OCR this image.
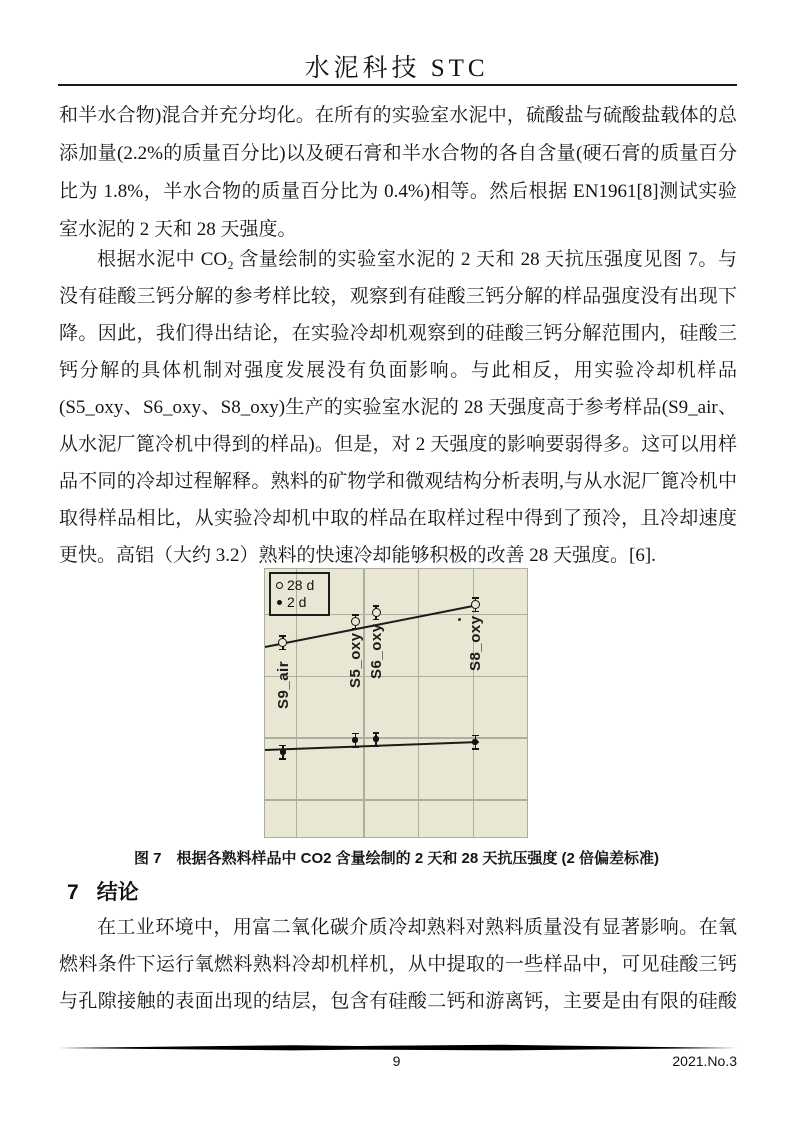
水泥科技 STC
和半水合物)混合并充分均化。在所有的实验室水泥中，硫酸盐与硫酸盐载体的总
添加量(2.2%的质量百分比)以及硬石膏和半水合物的各自含量(硬石膏的质量百分
比为 1.8%，半水合物的质量百分比为 0.4%)相等。然后根据 EN1961[8]测试实验
室水泥的 2 天和 28 天强度。
根据水泥中 CO₂ 含量绘制的实验室水泥的 2 天和 28 天抗压强度见图 7。与
没有硅酸三钙分解的参考样比较，观察到有硅酸三钙分解的样品强度没有出现下
降。因此，我们得出结论，在实验冷却机观察到的硅酸三钙分解范围内，硅酸三
钙分解的具体机制对强度发展没有负面影响。与此相反，用实验冷却机样品
(S5_oxy、S6_oxy、S8_oxy)生产的实验室水泥的 28 天强度高于参考样品(S9_air、
从水泥厂篦冷机中得到的样品)。但是，对 2 天强度的影响要弱得多。这可以用样
品不同的冷却过程解释。熟料的矿物学和微观结构分析表明,与从水泥厂篦冷机中
取得样品相比，从实验冷却机中取的样品在取样过程中得到了预冷，且冷却速度
更快。高铝（大约 3.2）熟料的快速冷却能够积极的改善 28 天强度。[6].
28 d
2 d
S9_air	S5_oxy S6_oxy	S8_oxy
图 7　根据各熟料样品中 CO2 含量绘制的 2 天和 28 天抗压强度 (2 倍偏差标准)
7 结论
在工业环境中，用富二氧化碳介质冷却熟料对熟料质量没有显著影响。在氧
燃料条件下运行氧燃料熟料冷却机样机，从中提取的一些样品中，可见硅酸三钙
与孔隙接触的表面出现的结层，包含有硅酸二钙和游离钙，主要是由有限的硅酸
9	2021.No.3
